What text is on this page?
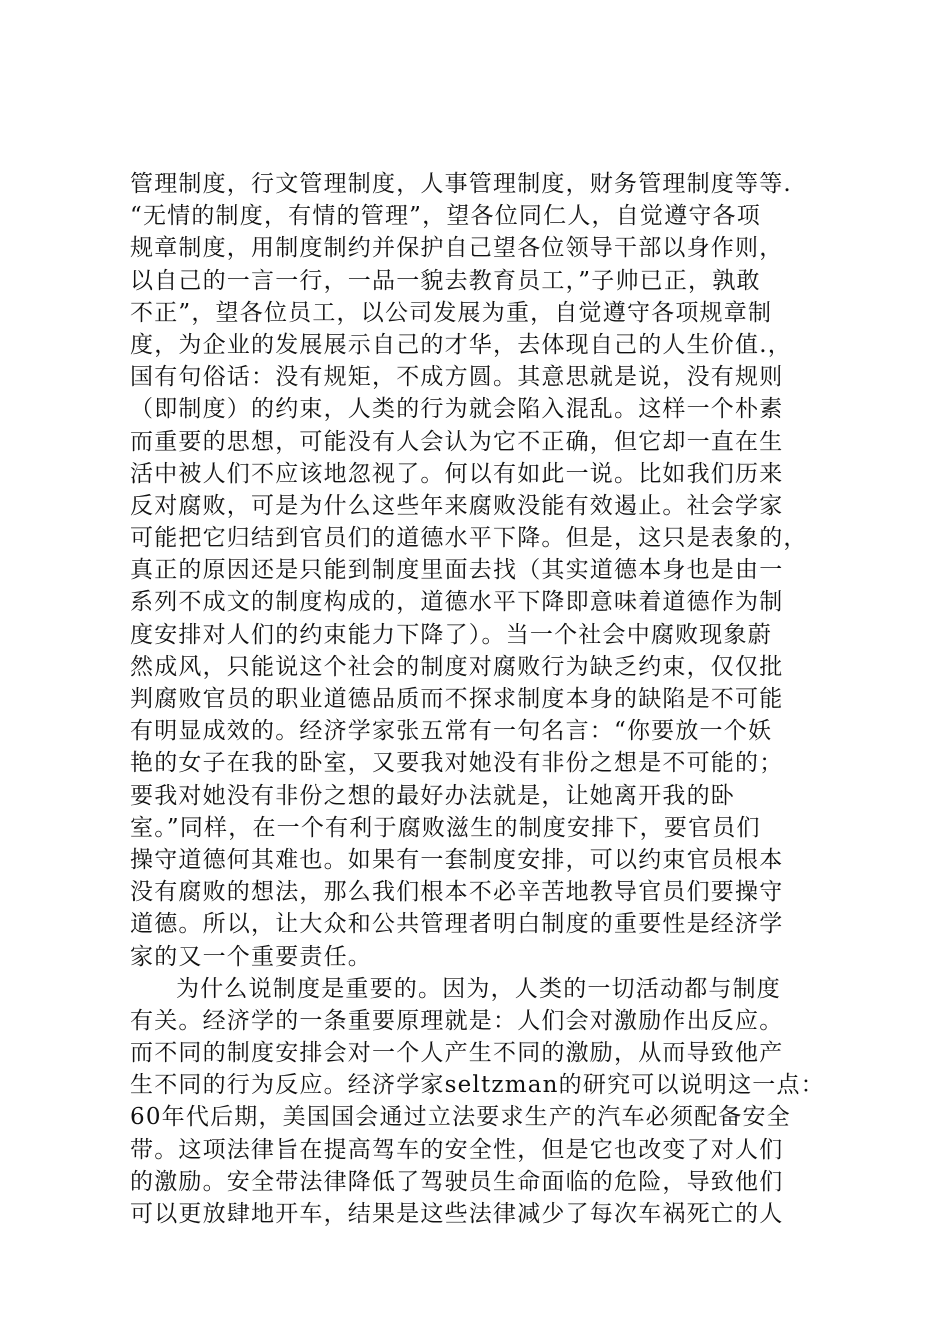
管理制度，行文管理制度，人事管理制度，财务管理制度等等.
“无情的制度，有情的管理”，望各位同仁人，自觉遵守各项
规章制度，用制度制约并保护自己望各位领导干部以身作则，
以自己的一言一行，一品一貌去教育员工，”子帅已正，孰敢
不正”，望各位员工，以公司发展为重，自觉遵守各项规章制
度，为企业的发展展示自己的才华，去体现自己的人生价值.，
国有句俗话：没有规矩，不成方圆。其意思就是说，没有规则
（即制度）的约束，人类的行为就会陷入混乱。这样一个朴素
而重要的思想，可能没有人会认为它不正确，但它却一直在生
活中被人们不应该地忽视了。何以有如此一说。比如我们历来
反对腐败，可是为什么这些年来腐败没能有效遏止。社会学家
可能把它归结到官员们的道德水平下降。但是，这只是表象的，
真正的原因还是只能到制度里面去找（其实道德本身也是由一
系列不成文的制度构成的，道德水平下降即意味着道德作为制
度安排对人们的约束能力下降了）。当一个社会中腐败现象蔚
然成风，只能说这个社会的制度对腐败行为缺乏约束，仅仅批
判腐败官员的职业道德品质而不探求制度本身的缺陷是不可能
有明显成效的。经济学家张五常有一句名言：“你要放一个妖
艳的女子在我的卧室，又要我对她没有非份之想是不可能的；
要我对她没有非份之想的最好办法就是，让她离开我的卧
室。”同样，在一个有利于腐败滋生的制度安排下，要官员们
操守道德何其难也。如果有一套制度安排，可以约束官员根本
没有腐败的想法，那么我们根本不必辛苦地教导官员们要操守
道德。所以，让大众和公共管理者明白制度的重要性是经济学
家的又一个重要责任。
为什么说制度是重要的。因为，人类的一切活动都与制度
有关。经济学的一条重要原理就是：人们会对激励作出反应。
而不同的制度安排会对一个人产生不同的激励，从而导致他产
生不同的行为反应。经济学家seltzman的研究可以说明这一点：
60年代后期，美国国会通过立法要求生产的汽车必须配备安全
带。这项法律旨在提高驾车的安全性，但是它也改变了对人们
的激励。安全带法律降低了驾驶员生命面临的危险，导致他们
可以更放肆地开车，结果是这些法律减少了每次车祸死亡的人
